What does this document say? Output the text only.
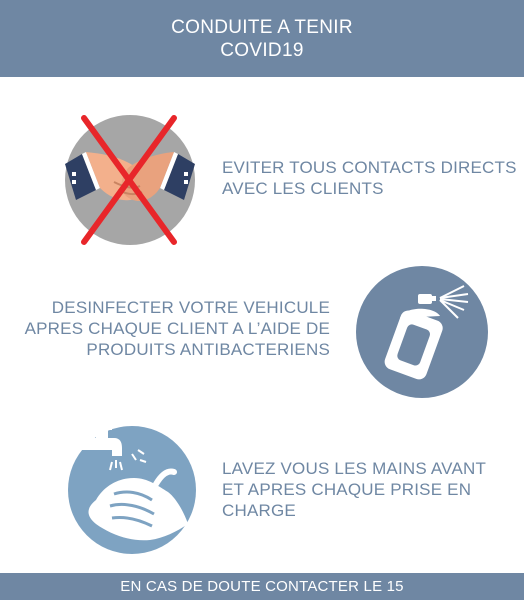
CONDUITE A TENIR
COVID19
EVITER TOUS CONTACTS DIRECTS
AVEC LES CLIENTS
DESINFECTER VOTRE VEHICULE
APRES CHAQUE CLIENT A L’AIDE DE
PRODUITS ANTIBACTERIENS
LAVEZ VOUS LES MAINS AVANT
ET APRES CHAQUE PRISE EN
CHARGE
EN CAS DE DOUTE CONTACTER LE 15
